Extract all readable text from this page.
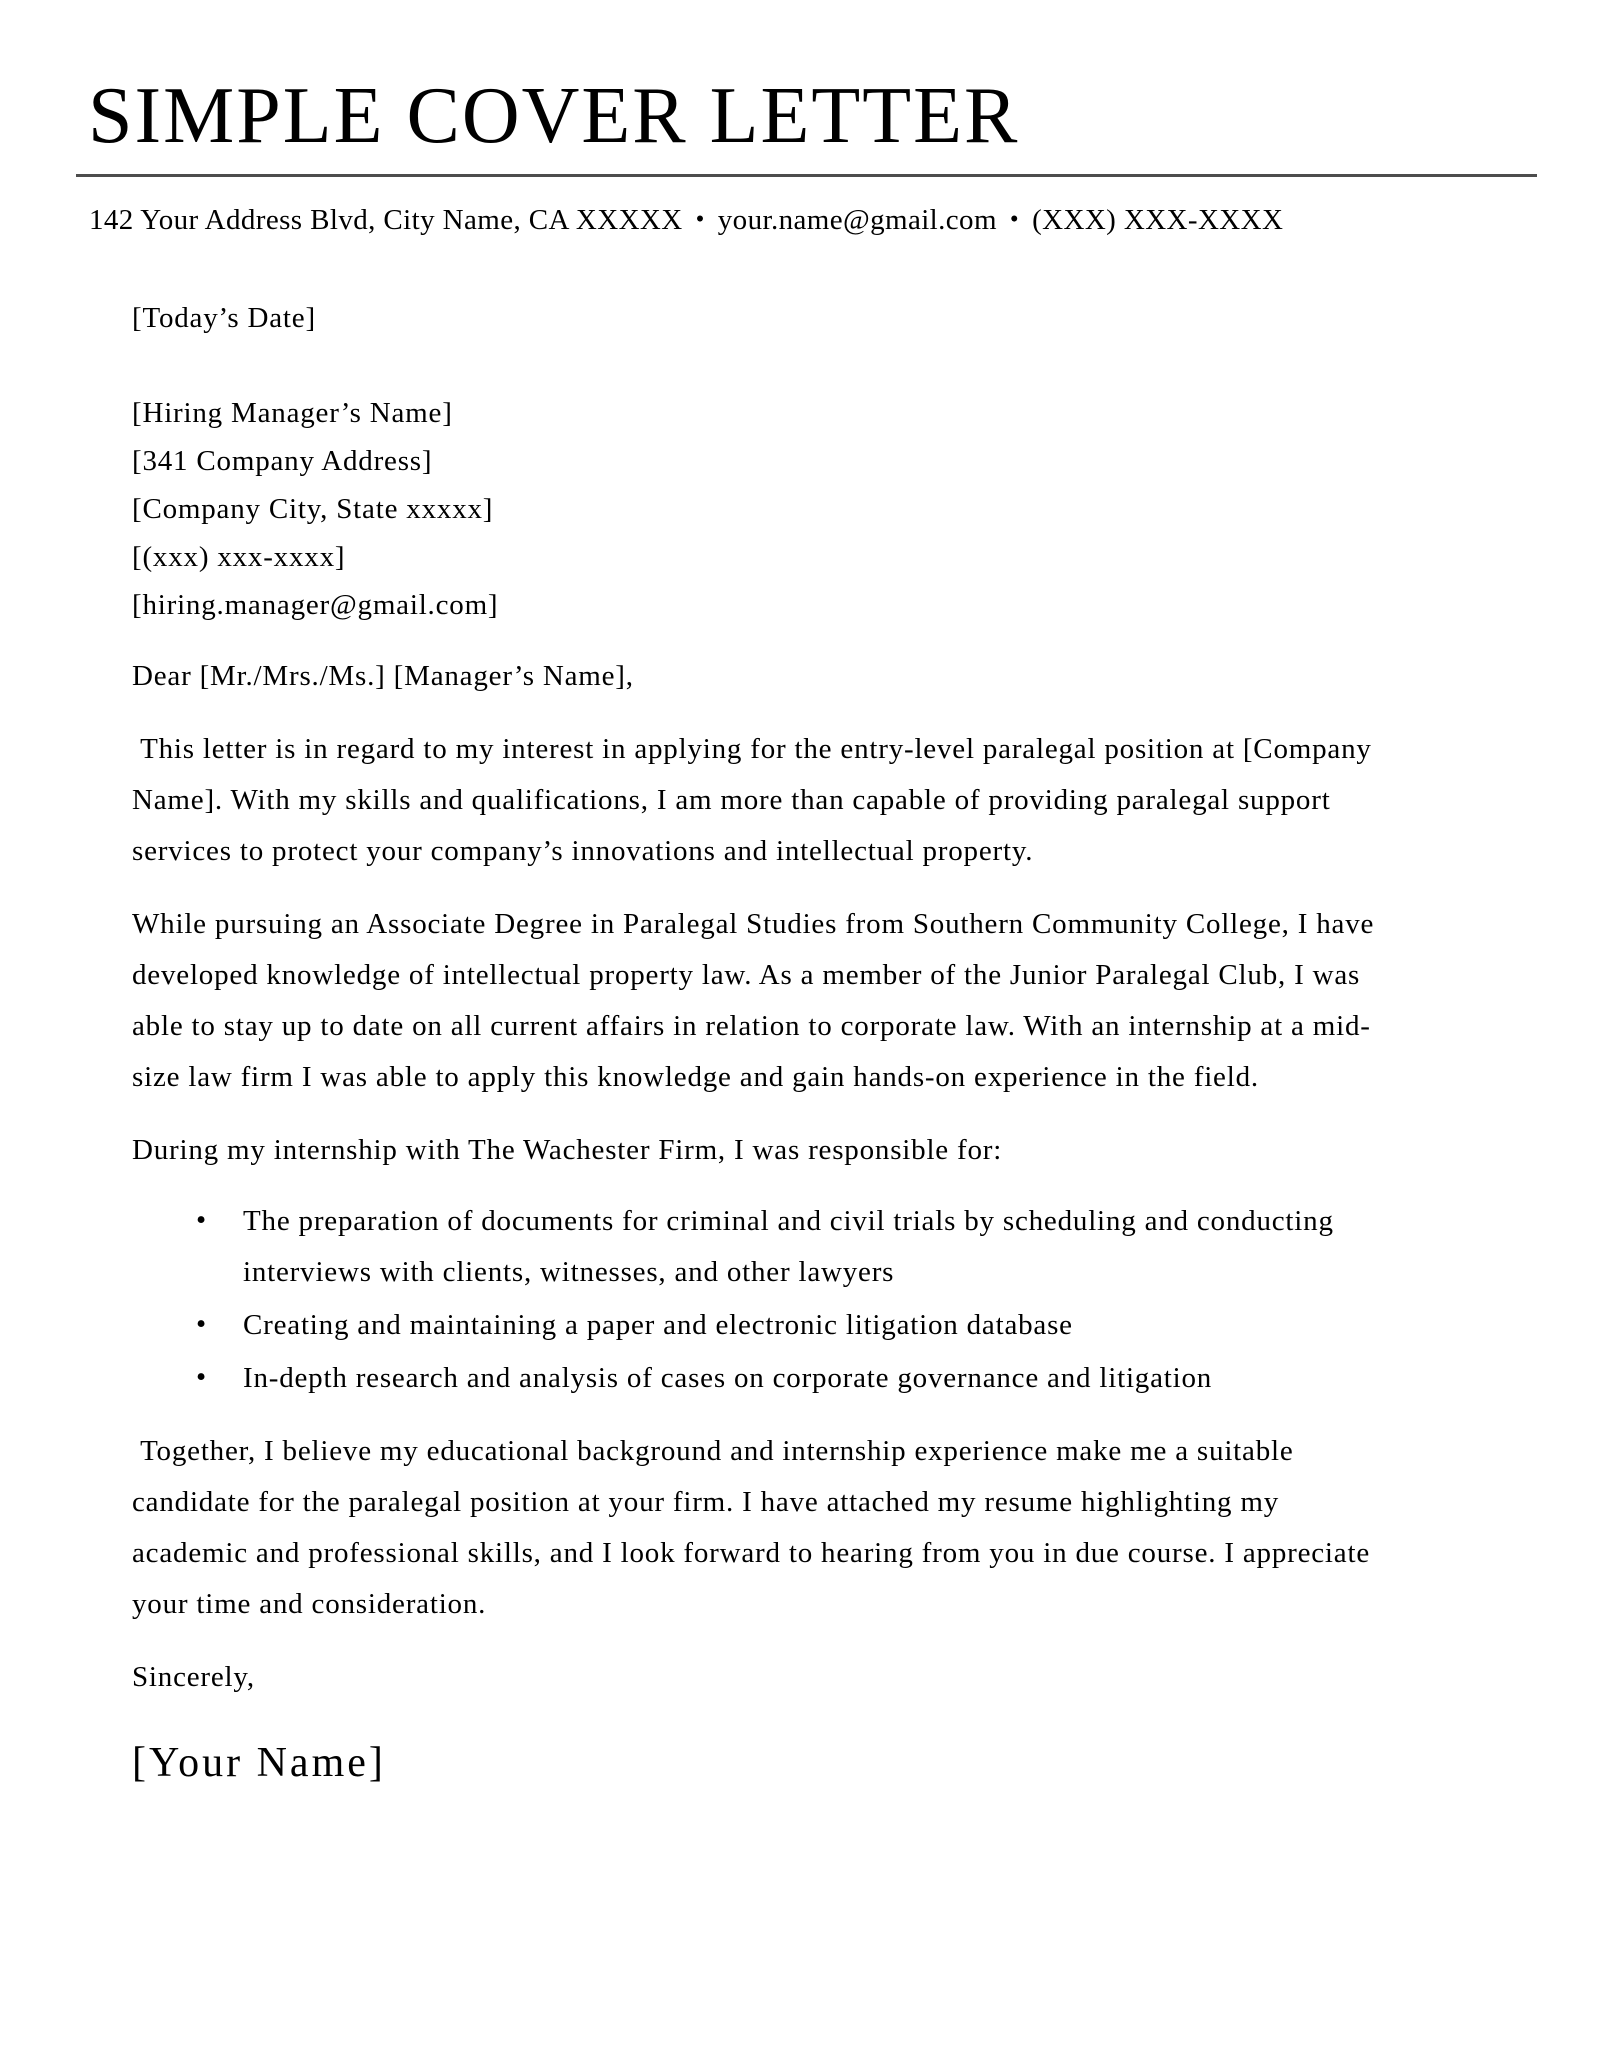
SIMPLE COVER LETTER
142 Your Address Blvd, City Name, CA XXXXX • your.name@gmail.com • (XXX) XXX-XXXX

[Today’s Date]

[Hiring Manager’s Name]
[341 Company Address]
[Company City, State xxxxx]
[(xxx) xxx-xxxx]
[hiring.manager@gmail.com]

Dear [Mr./Mrs./Ms.] [Manager’s Name],

This letter is in regard to my interest in applying for the entry-level paralegal position at [Company Name]. With my skills and qualifications, I am more than capable of providing paralegal support services to protect your company’s innovations and intellectual property.

While pursuing an Associate Degree in Paralegal Studies from Southern Community College, I have developed knowledge of intellectual property law. As a member of the Junior Paralegal Club, I was able to stay up to date on all current affairs in relation to corporate law. With an internship at a mid-size law firm I was able to apply this knowledge and gain hands-on experience in the field.

During my internship with The Wachester Firm, I was responsible for:

• The preparation of documents for criminal and civil trials by scheduling and conducting interviews with clients, witnesses, and other lawyers
• Creating and maintaining a paper and electronic litigation database
• In-depth research and analysis of cases on corporate governance and litigation

Together, I believe my educational background and internship experience make me a suitable candidate for the paralegal position at your firm. I have attached my resume highlighting my academic and professional skills, and I look forward to hearing from you in due course. I appreciate your time and consideration.

Sincerely,

[Your Name]
